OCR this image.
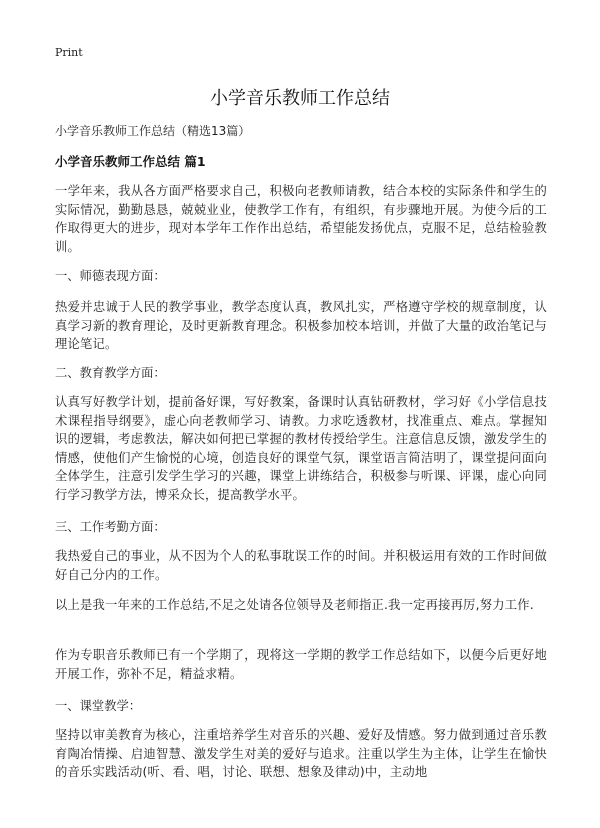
Print
小学音乐教师工作总结
小学音乐教师工作总结（精选13篇）
小学音乐教师工作总结 篇1

一学年来，我从各方面严格要求自己，积极向老教师请教，结合本校的实际条件和学生的实际情况，勤勤恳恳，兢兢业业，使教学工作有，有组织，有步骤地开展。为使今后的工作取得更大的进步，现对本学年工作作出总结，希望能发扬优点，克服不足，总结检验教训。

一、师德表现方面：

热爱并忠诚于人民的教学事业，教学态度认真，教风扎实，严格遵守学校的规章制度，认真学习新的教育理论，及时更新教育理念。积极参加校本培训，并做了大量的政治笔记与理论笔记。

二、教育教学方面：

认真写好教学计划，提前备好课，写好教案，备课时认真钻研教材，学习好《小学信息技术课程指导纲要》，虚心向老教师学习、请教。力求吃透教材，找准重点、难点。掌握知识的逻辑，考虑教法，解决如何把已掌握的教材传授给学生。注意信息反馈，激发学生的情感，使他们产生愉悦的心境，创造良好的课堂气氛，课堂语言简洁明了，课堂提问面向全体学生，注意引发学生学习的兴趣，课堂上讲练结合，积极参与听课、评课，虚心向同行学习教学方法，博采众长，提高教学水平。

三、工作考勤方面：

我热爱自己的事业，从不因为个人的私事耽误工作的时间。并积极运用有效的工作时间做好自己分内的工作。

以上是我一年来的工作总结,不足之处请各位领导及老师指正.我一定再接再厉,努力工作.

作为专职音乐教师已有一个学期了，现将这一学期的教学工作总结如下，以便今后更好地开展工作，弥补不足，精益求精。

一、课堂教学：

坚持以审美教育为核心，注重培养学生对音乐的兴趣、爱好及情感。努力做到通过音乐教育陶冶情操、启迪智慧、激发学生对美的爱好与追求。注重以学生为主体，让学生在愉快的音乐实践活动(听、看、唱，讨论、联想、想象及律动)中，主动地
